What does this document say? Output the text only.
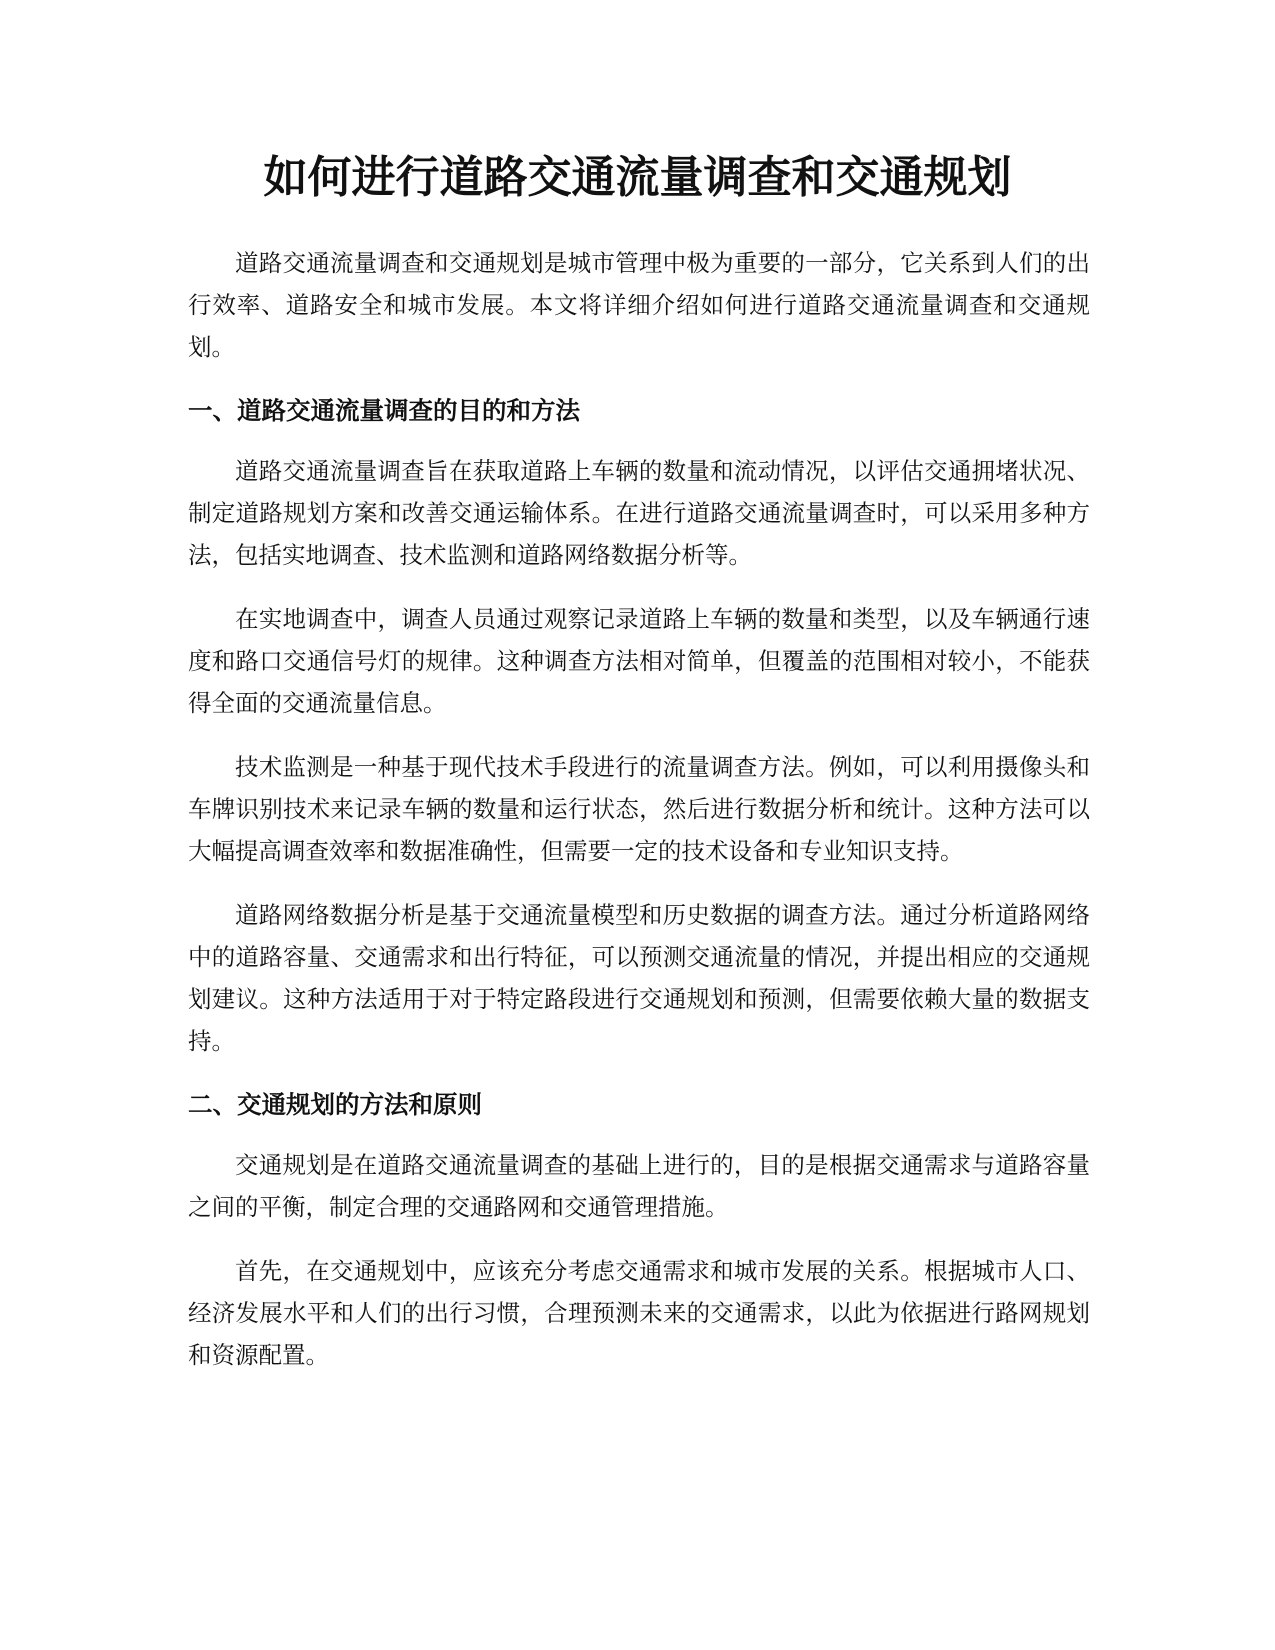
如何进行道路交通流量调查和交通规划

道路交通流量调查和交通规划是城市管理中极为重要的一部分，它关系到人们的出行效率、道路安全和城市发展。本文将详细介绍如何进行道路交通流量调查和交通规划。

一、道路交通流量调查的目的和方法

道路交通流量调查旨在获取道路上车辆的数量和流动情况，以评估交通拥堵状况、制定道路规划方案和改善交通运输体系。在进行道路交通流量调查时，可以采用多种方法，包括实地调查、技术监测和道路网络数据分析等。

在实地调查中，调查人员通过观察记录道路上车辆的数量和类型，以及车辆通行速度和路口交通信号灯的规律。这种调查方法相对简单，但覆盖的范围相对较小，不能获得全面的交通流量信息。

技术监测是一种基于现代技术手段进行的流量调查方法。例如，可以利用摄像头和车牌识别技术来记录车辆的数量和运行状态，然后进行数据分析和统计。这种方法可以大幅提高调查效率和数据准确性，但需要一定的技术设备和专业知识支持。

道路网络数据分析是基于交通流量模型和历史数据的调查方法。通过分析道路网络中的道路容量、交通需求和出行特征，可以预测交通流量的情况，并提出相应的交通规划建议。这种方法适用于对于特定路段进行交通规划和预测，但需要依赖大量的数据支持。

二、交通规划的方法和原则

交通规划是在道路交通流量调查的基础上进行的，目的是根据交通需求与道路容量之间的平衡，制定合理的交通路网和交通管理措施。

首先，在交通规划中，应该充分考虑交通需求和城市发展的关系。根据城市人口、经济发展水平和人们的出行习惯，合理预测未来的交通需求，以此为依据进行路网规划和资源配置。
